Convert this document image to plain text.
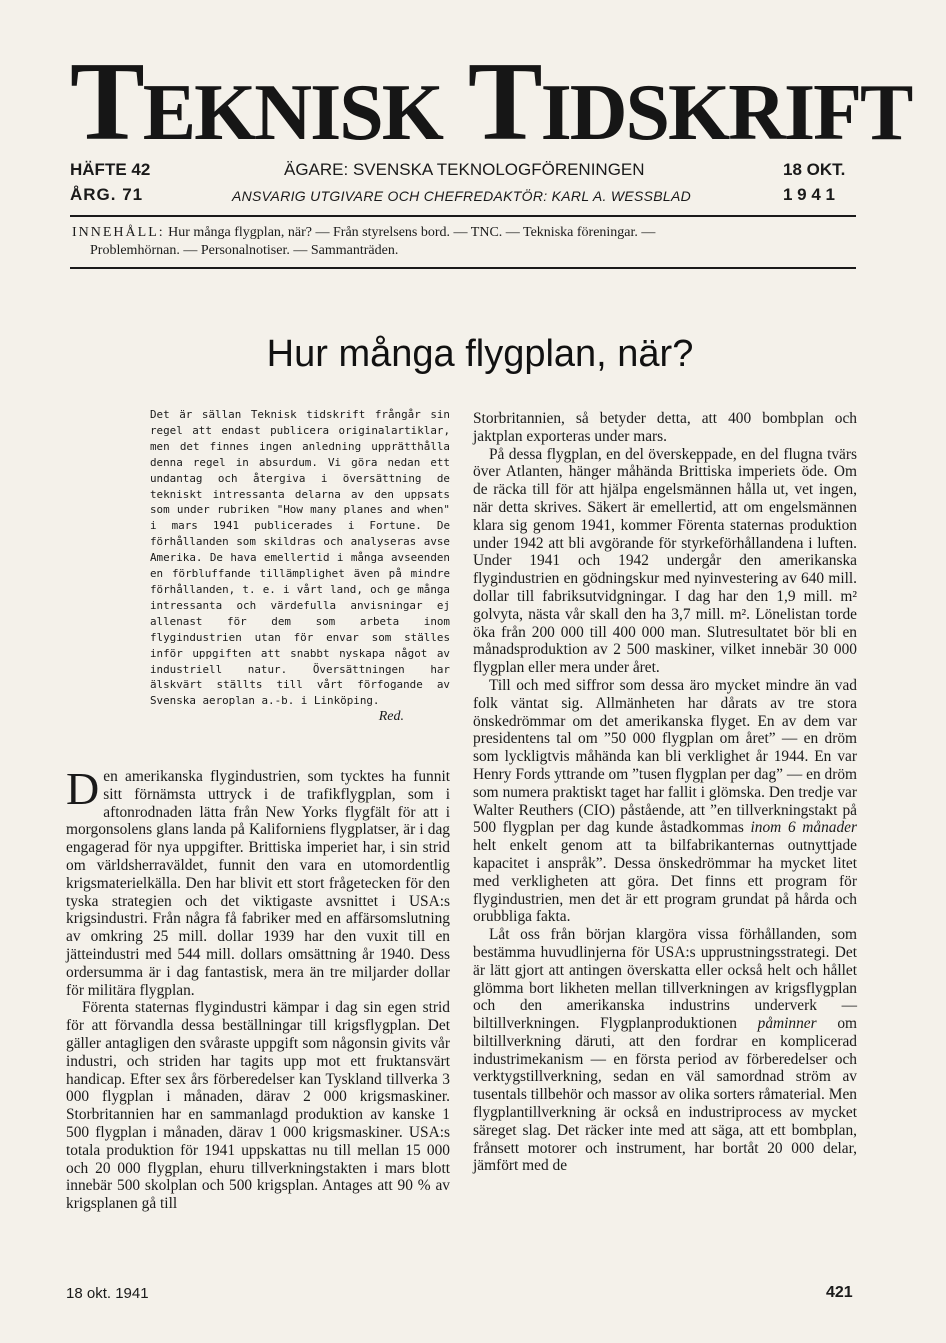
TEKNISK TIDSKRIFT
HÄFTE 42
ÅRG. 71
ÄGARE: SVENSKA TEKNOLOGFÖRENINGEN
ANSVARIG UTGIVARE OCH CHEFREDAKTÖR: KARL A. WESSBLAD
18 OKT.
1 9 4 1
INNEHÅLL: Hur många flygplan, när? — Från styrelsens bord. — TNC. — Tekniska föreningar. —
Problemhörnan. — Personalnotiser. — Sammanträden.
Hur många flygplan, när?
Det är sällan Teknisk tidskrift frångår sin regel att endast publicera originalartiklar, men det finnes ingen anledning upprätthålla denna regel in absurdum. Vi göra nedan ett undantag och återgiva i översättning de tekniskt intressanta delarna av den uppsats som under rubriken "How many planes and when" i mars 1941 publicerades i Fortune. De förhållanden som skildras och analyseras avse Amerika. De hava emellertid i många avseenden en förbluffande tillämplighet även på mindre förhållanden, t. e. i vårt land, och ge många intressanta och värdefulla anvisningar ej allenast för dem som arbeta inom flygindustrien utan för envar som ställes inför uppgiften att snabbt nyskapa något av industriell natur. Översättningen har älskvärt ställts till vårt förfogande av Svenska aeroplan a.-b. i Linköping.
Red.

Den amerikanska flygindustrien, som tycktes ha funnit sitt förnämsta uttryck i de trafikflygplan, som i aftonrodnaden lätta från New Yorks flygfält för att i morgonsolens glans landa på Kaliforniens flygplatser, är i dag engagerad för nya uppgifter. Brittiska imperiet har, i sin strid om världsherraväldet, funnit den vara en utomordentlig krigsmaterielkälla. Den har blivit ett stort frågetecken för den tyska strategien och det viktigaste avsnittet i USA:s krigsindustri. Från några få fabriker med en affärsomslutning av omkring 25 mill. dollar 1939 har den vuxit till en jätteindustri med 544 mill. dollars omsättning år 1940. Dess ordersumma är i dag fantastisk, mera än tre miljarder dollar för militära flygplan.

Förenta staternas flygindustri kämpar i dag sin egen strid för att förvandla dessa beställningar till krigsflygplan. Det gäller antagligen den svåraste uppgift som någonsin givits vår industri, och striden har tagits upp mot ett fruktansvärt handicap. Efter sex års förberedelser kan Tyskland tillverka 3 000 flygplan i månaden, därav 2 000 krigsmaskiner. Storbritannien har en sammanlagd produktion av kanske 1 500 flygplan i månaden, därav 1 000 krigsmaskiner. USA:s totala produktion för 1941 uppskattas nu till mellan 15 000 och 20 000 flygplan, ehuru tillverkningstakten i mars blott innebär 500 skolplan och 500 krigsplan. Antages att 90 % av krigsplanen gå till

Storbritannien, så betyder detta, att 400 bombplan och jaktplan exporteras under mars.

På dessa flygplan, en del överskeppade, en del flugna tvärs över Atlanten, hänger måhända Brittiska imperiets öde. Om de räcka till för att hjälpa engelsmännen hålla ut, vet ingen, när detta skrives. Säkert är emellertid, att om engelsmännen klara sig genom 1941, kommer Förenta staternas produktion under 1942 att bli avgörande för styrkeförhållandena i luften. Under 1941 och 1942 undergår den amerikanska flygindustrien en gödningskur med nyinvestering av 640 mill. dollar till fabriksutvidgningar. I dag har den 1,9 mill. m² golvyta, nästa vår skall den ha 3,7 mill. m². Lönelistan torde öka från 200 000 till 400 000 man. Slutresultatet bör bli en månadsproduktion av 2 500 maskiner, vilket innebär 30 000 flygplan eller mera under året.

Till och med siffror som dessa äro mycket mindre än vad folk väntat sig. Allmänheten har dårats av tre stora önskedrömmar om det amerikanska flyget. En av dem var presidentens tal om ”50 000 flygplan om året” — en dröm som lyckligtvis måhända kan bli verklighet år 1944. En var Henry Fords yttrande om ”tusen flygplan per dag” — en dröm som numera praktiskt taget har fallit i glömska. Den tredje var Walter Reuthers (CIO) påstående, att ”en tillverkningstakt på 500 flygplan per dag kunde åstadkommas inom 6 månader helt enkelt genom att ta bilfabrikanternas outnyttjade kapacitet i anspråk”. Dessa önskedrömmar ha mycket litet med verkligheten att göra. Det finns ett program för flygindustrien, men det är ett program grundat på hårda och orubbliga fakta.

Låt oss från början klargöra vissa förhållanden, som bestämma huvudlinjerna för USA:s upprustningsstrategi. Det är lätt gjort att antingen överskatta eller också helt och hållet glömma bort likheten mellan tillverkningen av krigsflygplan och den amerikanska industrins underverk — biltillverkningen. Flygplanproduktionen påminner om biltillverkning däruti, att den fordrar en komplicerad industrimekanism — en första period av förberedelser och verktygstillverkning, sedan en väl samordnad ström av tusentals tillbehör och massor av olika sorters råmaterial. Men flygplantillverkning är också en industriprocess av mycket säreget slag. Det räcker inte med att säga, att ett bombplan, frånsett motorer och instrument, har bortåt 20 000 delar, jämfört med de

18 okt. 1941	421
